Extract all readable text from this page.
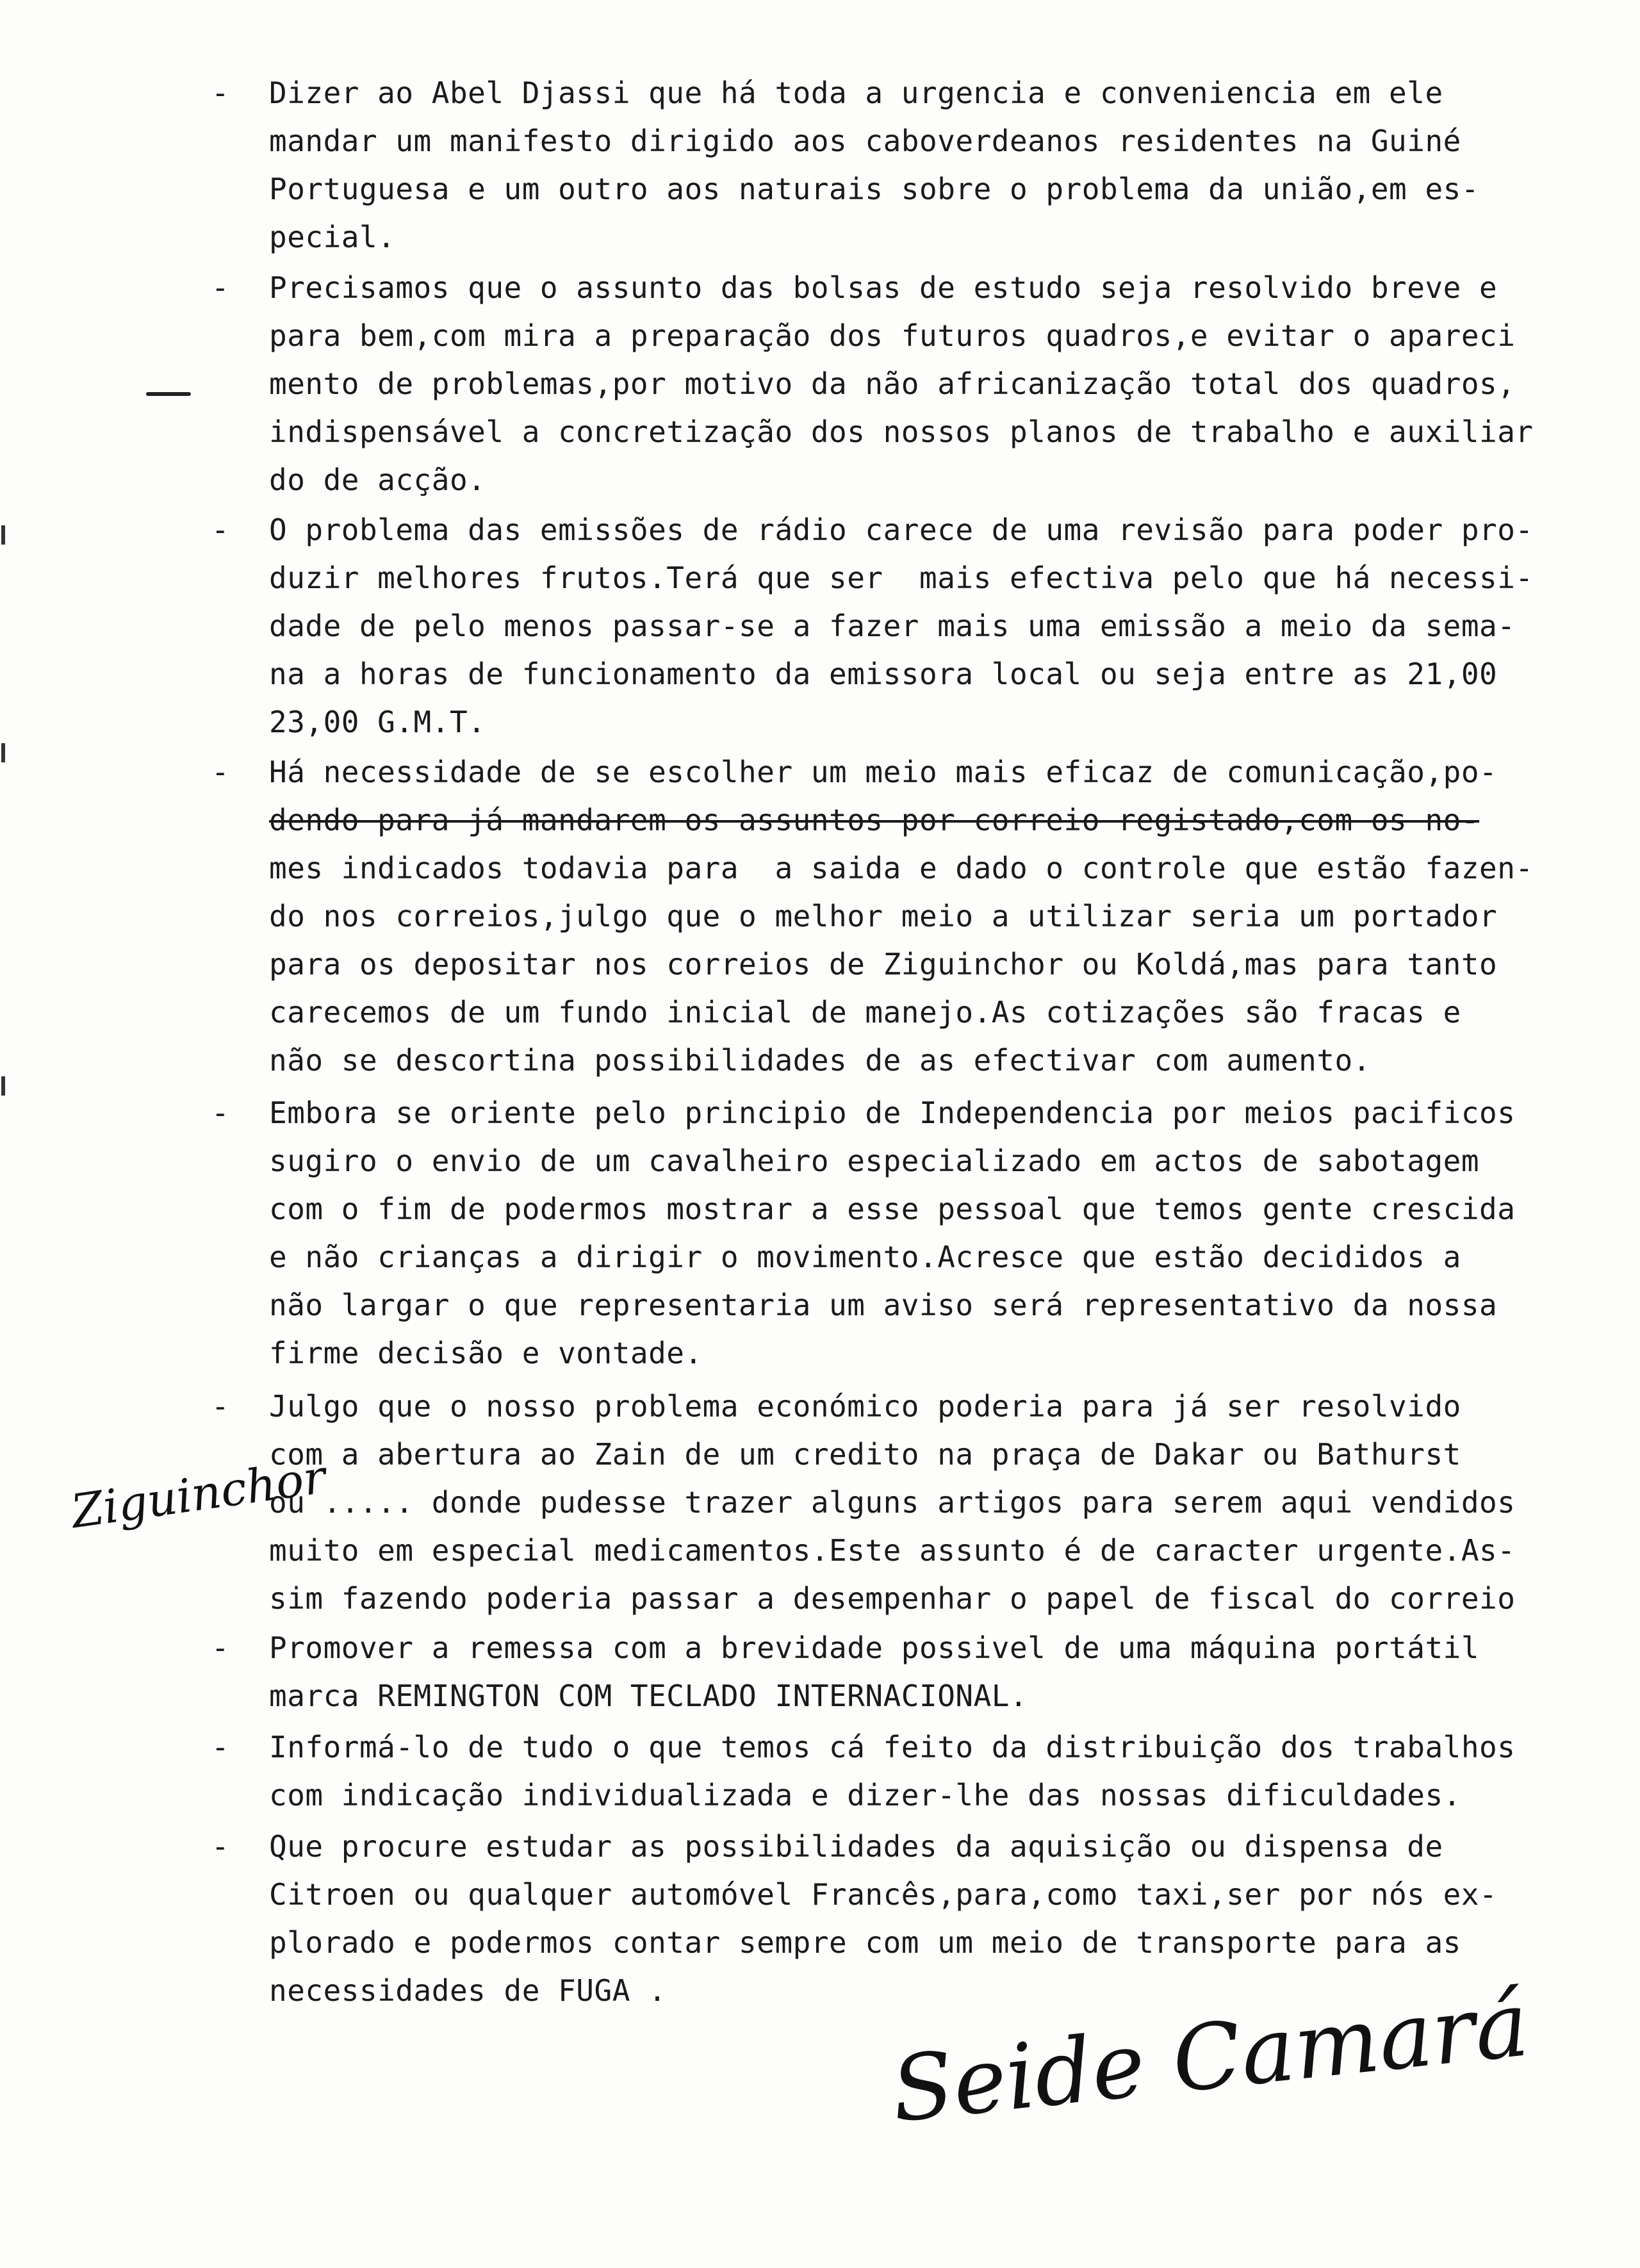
- Dizer ao Abel Djassi que há toda a urgencia e conveniencia em ele
mandar um manifesto dirigido aos caboverdeanos residentes na Guiné
Portuguesa e um outro aos naturais sobre o problema da união,em es-
pecial.
- Precisamos que o assunto das bolsas de estudo seja resolvido breve e
para bem,com mira a preparação dos futuros quadros,e evitar o apareci
mento de problemas,por motivo da não africanização total dos quadros,
indispensável a concretização dos nossos planos de trabalho e auxiliar
do de acção.
- O problema das emissões de rádio carece de uma revisão para poder pro-
duzir melhores frutos.Terá que ser  mais efectiva pelo que há necessi-
dade de pelo menos passar-se a fazer mais uma emissão a meio da sema-
na a horas de funcionamento da emissora local ou seja entre as 21,00
23,00 G.M.T.
- Há necessidade de se escolher um meio mais eficaz de comunicação,po-
dendo para já mandarem os assuntos por correio registado,com os no-
mes indicados todavia para  a saida e dado o controle que estão fazen-
do nos correios,julgo que o melhor meio a utilizar seria um portador
para os depositar nos correios de Ziguinchor ou Koldá,mas para tanto
carecemos de um fundo inicial de manejo.As cotizações são fracas e
não se descortina possibilidades de as efectivar com aumento.
- Embora se oriente pelo principio de Independencia por meios pacificos
sugiro o envio de um cavalheiro especializado em actos de sabotagem
com o fim de podermos mostrar a esse pessoal que temos gente crescida
e não crianças a dirigir o movimento.Acresce que estão decididos a
não largar o que representaria um aviso será representativo da nossa
firme decisão e vontade.
- Julgo que o nosso problema económico poderia para já ser resolvido
com a abertura ao Zain de um credito na praça de Dakar ou Bathurst
ou ..... donde pudesse trazer alguns artigos para serem aqui vendidos
muito em especial medicamentos.Este assunto é de caracter urgente.As-
sim fazendo poderia passar a desempenhar o papel de fiscal do correio
- Promover a remessa com a brevidade possivel de uma máquina portátil
marca REMINGTON COM TECLADO INTERNACIONAL.
- Informá-lo de tudo o que temos cá feito da distribuição dos trabalhos
com indicação individualizada e dizer-lhe das nossas dificuldades.
- Que procure estudar as possibilidades da aquisição ou dispensa de
Citroen ou qualquer automóvel Francês,para,como taxi,ser por nós ex-
plorado e podermos contar sempre com um meio de transporte para as
necessidades de FUGA .
Ziguinchor
Seide Camará
